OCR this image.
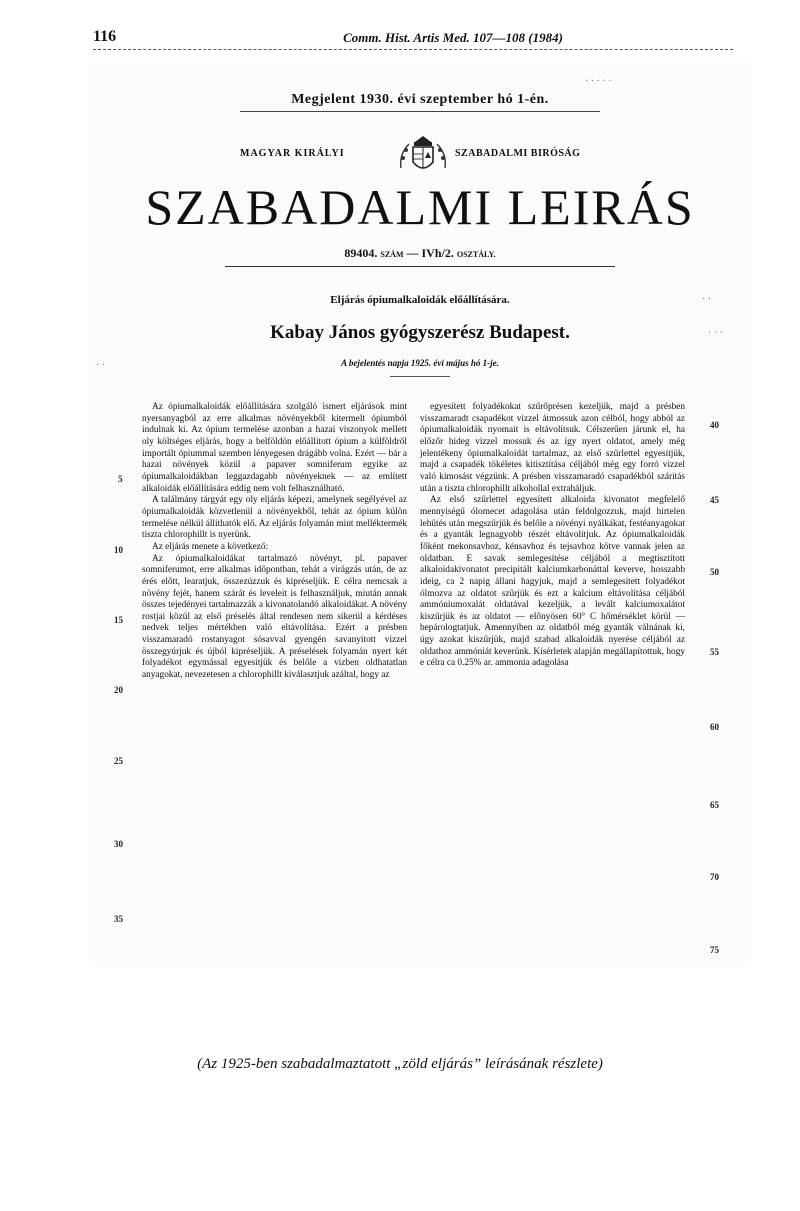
116	Comm. Hist. Artis Med. 107—108 (1984)
· · · · ·
· ·
· · ·
· ·
Megjelent 1930. évi szeptember hó 1-én.
MAGYAR KIRÁLYI	SZABADALMI BIRÓSÁG
SZABADALMI LEIRÁS
89404. SZÁM — IVh/2. OSZTÁLY.
Eljárás ópiumalkaloidák előállítására.
Kabay János gyógyszerész Budapest.
A bejelentés napja 1925. évi május hó 1-je.

Az ópiumalkaloidák előállítására szolgáló ismert eljárások mint nyersanyagból az erre alkalmas növényekből kitermelt ópiumból indulnak ki. Az ópium termelése azonban a hazai viszonyok mellett oly költséges eljárás, hogy a belföldön előállított ópium a külföldről importált ópiummal szemben lényegesen drágább volna. Ezért — bár a hazai növények közül a papaver somniferum egyike az ópiumalkaloidákban leggazdagabb növényeknek — az említett alkaloidák előállítására eddig nem volt felhasználható.

A találmány tárgyát egy oly eljárás képezi, amelynek segélyével az ópiumalkaloidák közvetlenül a növényekből, tehát az ópium külön termelése nélkül állíthatók elő. Az eljárás folyamán mint melléktermék tiszta chlorophillt is nyerünk.

Az eljárás menete a következő:

Az ópiumalkaloidákat tartalmazó növényt, pl. papaver somniferumot, erre alkalmas időpontban, tehát a virágzás után, de az érés előtt, learatjuk, összezúzzuk és kipréseljük. E célra nemcsak a növény fejét, hanem szárát és leveleit is felhasználjuk, miután annak összes tejedényei tartalmazzák a kivonatolandó alkaloidákat. A növény rostjai közül az első préselés által rendesen nem sikerül a kérdéses nedvek teljes mértékben való eltávolítása. Ezért a présben visszamaradó rostanyagot sósavval gyengén savanyított vizzel összegyúrjuk és újból kipréseljük. A préselések folyamán nyert két folyadékot egymással egyesítjük és belőle a vizben oldhatatlan anyagokat, nevezetesen a chlorophillt kiválasztjuk azáltal, hogy az

egyesített folyadékokat szűrőprésen kezeljük, majd a présben visszamaradt csapadékot vizzel átmossuk azon célból, hogy abból az ópiumalkaloidák nyomait is eltávolítsuk. Célszerűen járunk el, ha előzőr hideg vizzel mossuk és az így nyert oldatot, amely még jelentékeny ópiumalkaloidát tartalmaz, az első szűrlettel egyesítjük, majd a csapadék tökéletes kitisztítása céljából még egy forró vizzel való kimosást végzünk. A présben visszamaradó csapadékból szárítás után a tiszta chlorophillt alkohollal extraháljuk.

Az első szűrlettel egyesített alkaloida kivonatot megfelelő mennyiségű ólomecet adagolása után feldolgozzuk, majd hirtelen lehűtés után megszűrjük és belőle a növényi nyálkákat, festéanyagokat és a gyanták legnagyobb részét eltávolítjuk. Az ópiumalkaloidák főként mekonsavhoz, kénsavhoz és tejsavhoz kötve vannak jelen az oldatban. E savak semlegesítése céljából a megtisztított alkaloidakivonatot precipitált kalciumkarbonáttal keverve, hosszabb ideig, ca 2 napig állani hagyjuk, majd a semlegesített folyadékot ólmozva az oldatot szűrjük és ezt a kalcium eltávolítása céljából ammóniumoxalát oldatával kezeljük, a levált kalciumoxalátot kiszűrjük és az oldatot — előnyösen 60° C hőmérséklet körül — bepárologtatjuk. Amennyiben az oldatból még gyanták válnának ki, úgy azokat kiszűrjük, majd szabad alkaloidák nyerése céljából az oldathoz ammóniát keverünk. Kísérletek alapján megállapítottuk, hogy e célra ca 0.25% ar. ammonia adagolása

5
10
15
20
25
30
35
40
45
50
55
60
65
70
75
(Az 1925-ben szabadalmaztatott „zöld eljárás” leírásának részlete)
